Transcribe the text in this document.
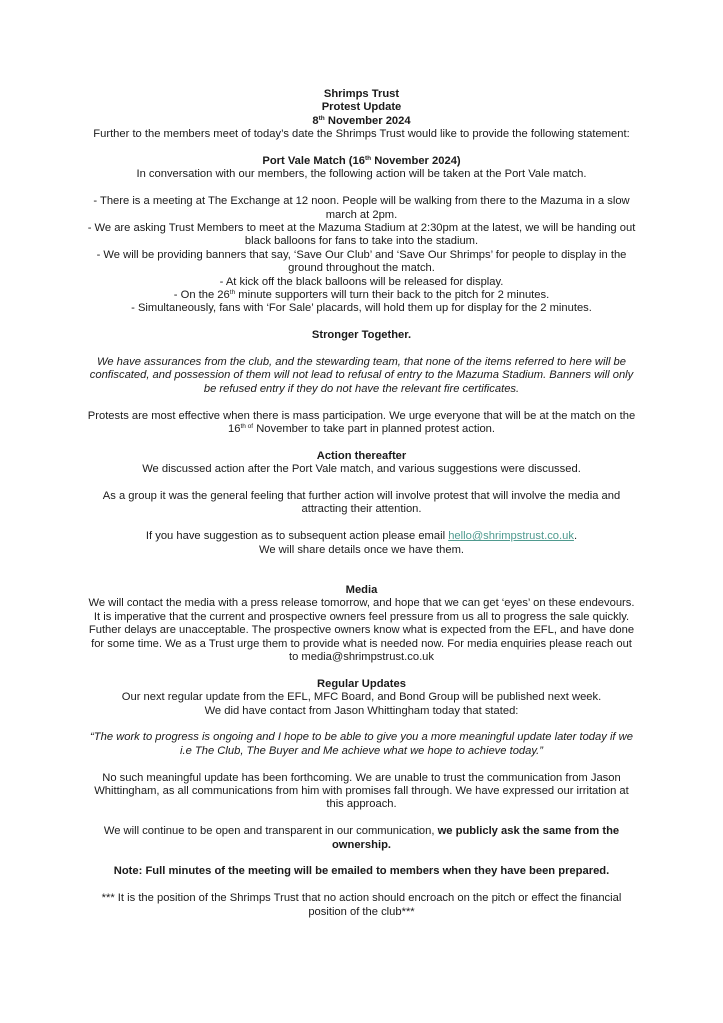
Shrimps Trust

Protest Update

8th November 2024

Further to the members meet of today’s date the Shrimps Trust would like to provide the following statement:

Port Vale Match (16th November 2024)

In conversation with our members, the following action will be taken at the Port Vale match.

- There is a meeting at The Exchange at 12 noon. People will be walking from there to the Mazuma in a slow march at 2pm.

- We are asking Trust Members to meet at the Mazuma Stadium at 2:30pm at the latest, we will be handing out black balloons for fans to take into the stadium.

- We will be providing banners that say, ‘Save Our Club’ and ‘Save Our Shrimps’ for people to display in the ground throughout the match.

- At kick off the black balloons will be released for display.

- On the 26th minute supporters will turn their back to the pitch for 2 minutes.

- Simultaneously, fans with ‘For Sale’ placards, will hold them up for display for the 2 minutes.

Stronger Together.

We have assurances from the club, and the stewarding team, that none of the items referred to here will be confiscated, and possession of them will not lead to refusal of entry to the Mazuma Stadium. Banners will only be refused entry if they do not have the relevant fire certificates.

Protests are most effective when there is mass participation. We urge everyone that will be at the match on the $16^{th of}$ November to take part in planned protest action.

Action thereafter

We discussed action after the Port Vale match, and various suggestions were discussed.

As a group it was the general feeling that further action will involve protest that will involve the media and attracting their attention.

If you have suggestion as to subsequent action please email hello@shrimpstrust.co.uk.

We will share details once we have them.

Media

We will contact the media with a press release tomorrow, and hope that we can get ‘eyes’ on these endevours. It is imperative that the current and prospective owners feel pressure from us all to progress the sale quickly. Futher delays are unacceptable. The prospective owners know what is expected from the EFL, and have done for some time. We as a Trust urge them to provide what is needed now. For media enquiries please reach out to media@shrimpstrust.co.uk

Regular Updates

Our next regular update from the EFL, MFC Board, and Bond Group will be published next week.

We did have contact from Jason Whittingham today that stated:

“The work to progress is ongoing and I hope to be able to give you a more meaningful update later today if we i.e The Club, The Buyer and Me achieve what we hope to achieve today.”

No such meaningful update has been forthcoming. We are unable to trust the communication from Jason Whittingham, as all communications from him with promises fall through. We have expressed our irritation at this approach.

We will continue to be open and transparent in our communication, we publicly ask the same from the ownership.

Note: Full minutes of the meeting will be emailed to members when they have been prepared.

*** It is the position of the Shrimps Trust that no action should encroach on the pitch or effect the financial position of the club***
